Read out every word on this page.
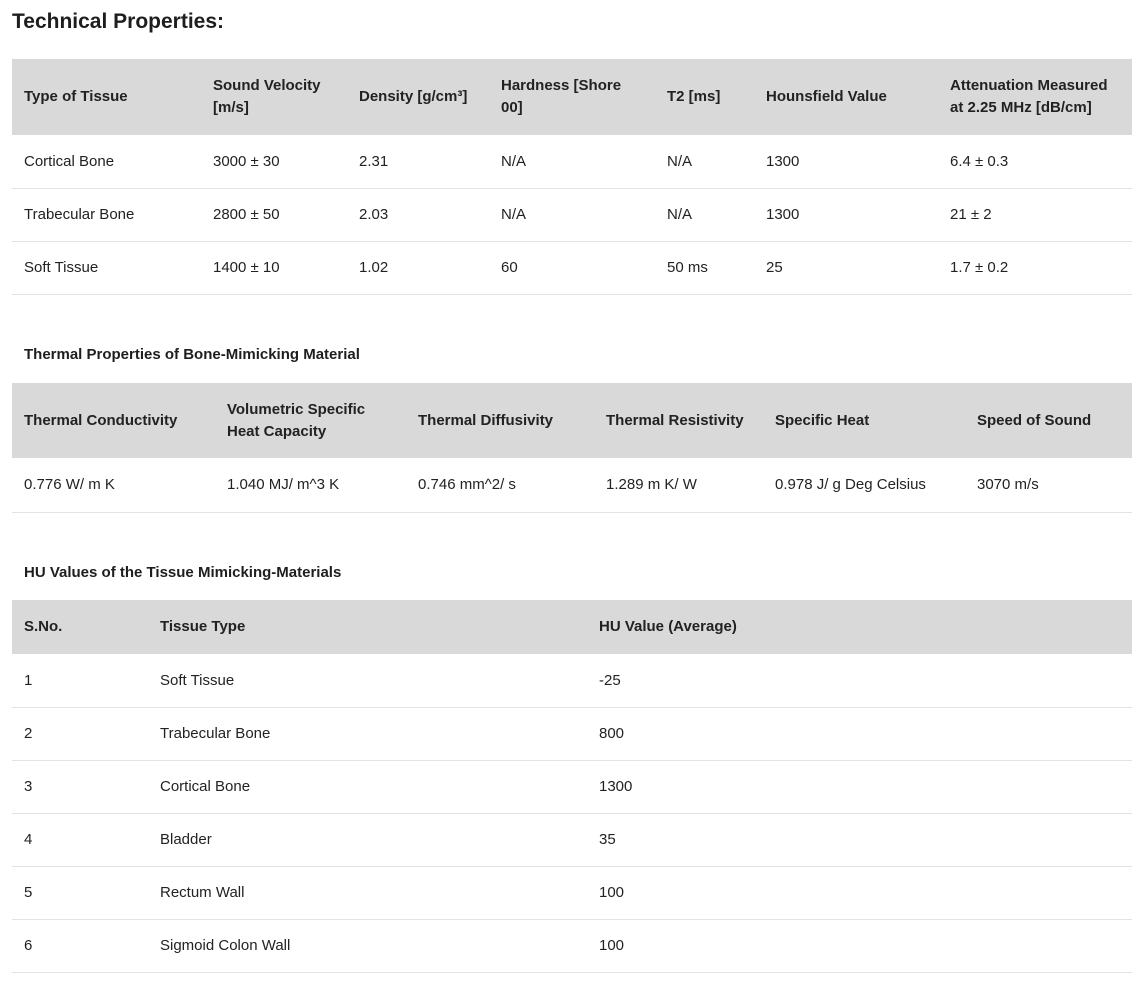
Technical Properties:
Type of Tissue	Sound Velocity [m/s]	Density [g/cm³]	Hardness [Shore 00]	T2 [ms]	Hounsfield Value	Attenuation Measured at 2.25 MHz [dB/cm]
Cortical Bone	3000 ± 30	2.31	N/A	N/A	1300	6.4 ± 0.3
Trabecular Bone	2800 ± 50	2.03	N/A	N/A	1300	21 ± 2
Soft Tissue	1400 ± 10	1.02	60	50 ms	25	1.7 ± 0.2
Thermal Properties of Bone-Mimicking Material
Thermal Conductivity	Volumetric Specific Heat Capacity	Thermal Diffusivity	Thermal Resistivity	Specific Heat	Speed of Sound
0.776 W/ m K	1.040 MJ/ m^3 K	0.746 mm^2/ s	1.289 m K/ W	0.978 J/ g Deg Celsius	3070 m/s
HU Values of the Tissue Mimicking-Materials
S.No.	Tissue Type	HU Value (Average)
1	Soft Tissue	-25
2	Trabecular Bone	800
3	Cortical Bone	1300
4	Bladder	35
5	Rectum Wall	100
6	Sigmoid Colon Wall	100
